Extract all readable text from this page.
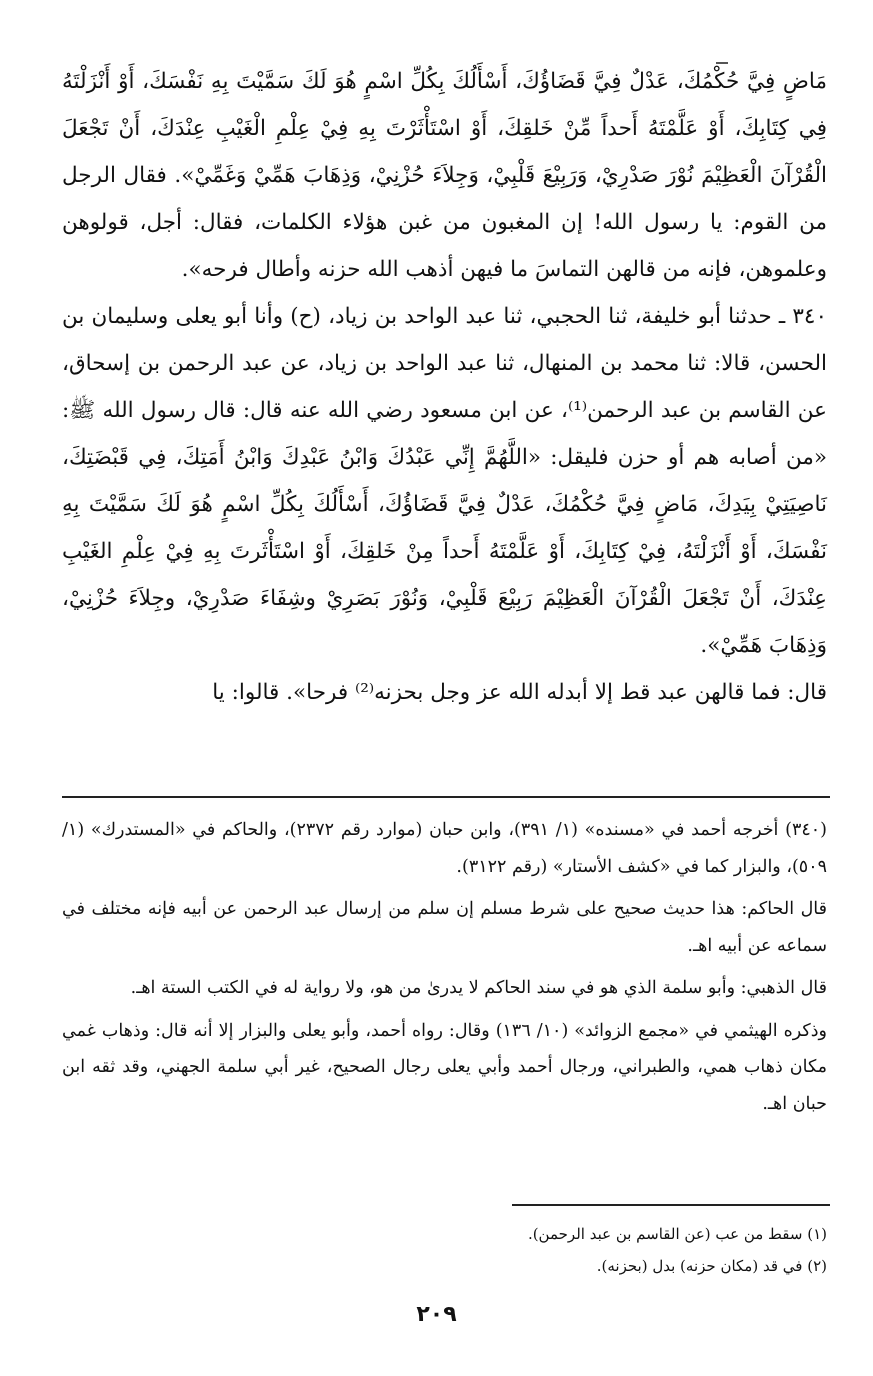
مَاضٍ فِيَّ حُكْمُكَ، عَدْلٌ فِيَّ قَضَاؤُكَ، أَسْأَلُكَ بِكُلِّ اسْمٍ هُوَ لَكَ سَمَّيْتَ بِهِ نَفْسَكَ، أَوْ أَنْزَلْتَهُ فِي كِتَابِكَ، أَوْ عَلَّمْتَهُ أَحداً مِّنْ خَلقِكَ، أَوْ اسْتَأْثَرْتَ بِهِ فِيْ عِلْمِ الْغَيْبِ عِنْدَكَ، أَنْ تَجْعَلَ الْقُرْآنَ الْعَظِيْمَ نُوْرَ صَدْرِيْ، وَرَبِيْعَ قَلْبِيْ، وَجِلاَءَ حُزْنِيْ، وَذِهَابَ هَمِّيْ وَغَمِّيْ». فقال الرجل من القوم: يا رسول الله! إن المغبون من غبن هؤلاء الكلمات، فقال: أجل، قولوهن وعلموهن، فإنه من قالهن التماسَ ما فيهن أذهب الله حزنه وأطال فرحه».

٣٤٠ ـ حدثنا أبو خليفة، ثنا الحجبي، ثنا عبد الواحد بن زياد، (ح) وأنا أبو يعلى وسليمان بن الحسن، قالا: ثنا محمد بن المنهال، ثنا عبد الواحد بن زياد، عن عبد الرحمن بن إسحاق، عن القاسم بن عبد الرحمن⁽¹⁾، عن ابن مسعود رضي الله عنه قال: قال رسول الله ﷺ: «من أصابه هم أو حزن فليقل: «اللَّهُمَّ إِنِّي عَبْدُكَ وَابْنُ عَبْدِكَ وَابْنُ أَمَتِكَ، فِي قَبْضَتِكَ، نَاصِيَتِيْ بِيَدِكَ، مَاضٍ فِيَّ حُكْمُكَ، عَدْلٌ فِيَّ قَضَاؤُكَ، أَسْأَلُكَ بِكُلِّ اسْمٍ هُوَ لَكَ سَمَّيْتَ بِهِ نَفْسَكَ، أَوْ أَنْزَلْتَهُ، فِيْ كِتَابِكَ، أَوْ عَلَّمْتَهُ أَحداً مِنْ خَلقِكَ، أَوْ اسْتَأْثَرتَ بِهِ فِيْ عِلْمِ الغَيْبِ عِنْدَكَ، أَنْ تَجْعَلَ الْقُرْآنَ الْعَظِيْمَ رَبِيْعَ قَلْبِيْ، وَنُوْرَ بَصَرِيْ وشِفَاءَ صَدْرِيْ، وجِلاَءَ حُزْنِيْ، وَذِهَابَ هَمِّيْ».

قال: فما قالهن عبد قط إلا أبدله الله عز وجل بحزنه⁽²⁾ فرحا». قالوا: يا

(٣٤٠) أخرجه أحمد في «مسنده» (١/ ٣٩١)، وابن حبان (موارد رقم ٢٣٧٢)، والحاكم في «المستدرك» (١/ ٥٠٩)، والبزار كما في «كشف الأستار» (رقم ٣١٢٢).

قال الحاكم: هذا حديث صحيح على شرط مسلم إن سلم من إرسال عبد الرحمن عن أبيه فإنه مختلف في سماعه عن أبيه اهـ.

قال الذهبي: وأبو سلمة الذي هو في سند الحاكم لا يدرىٰ من هو، ولا رواية له في الكتب الستة اهـ.

وذكره الهيثمي في «مجمع الزوائد» (١٠/ ١٣٦) وقال: رواه أحمد، وأبو يعلى والبزار إلا أنه قال: وذهاب غمي مكان ذهاب همي، والطبراني، ورجال أحمد وأبي يعلى رجال الصحيح، غير أبي سلمة الجهني، وقد ثقه ابن حبان اهـ.

(١) سقط من عب (عن القاسم بن عبد الرحمن).

(٢) في قد (مكان حزنه) بدل (بحزنه).

٢٠٩
